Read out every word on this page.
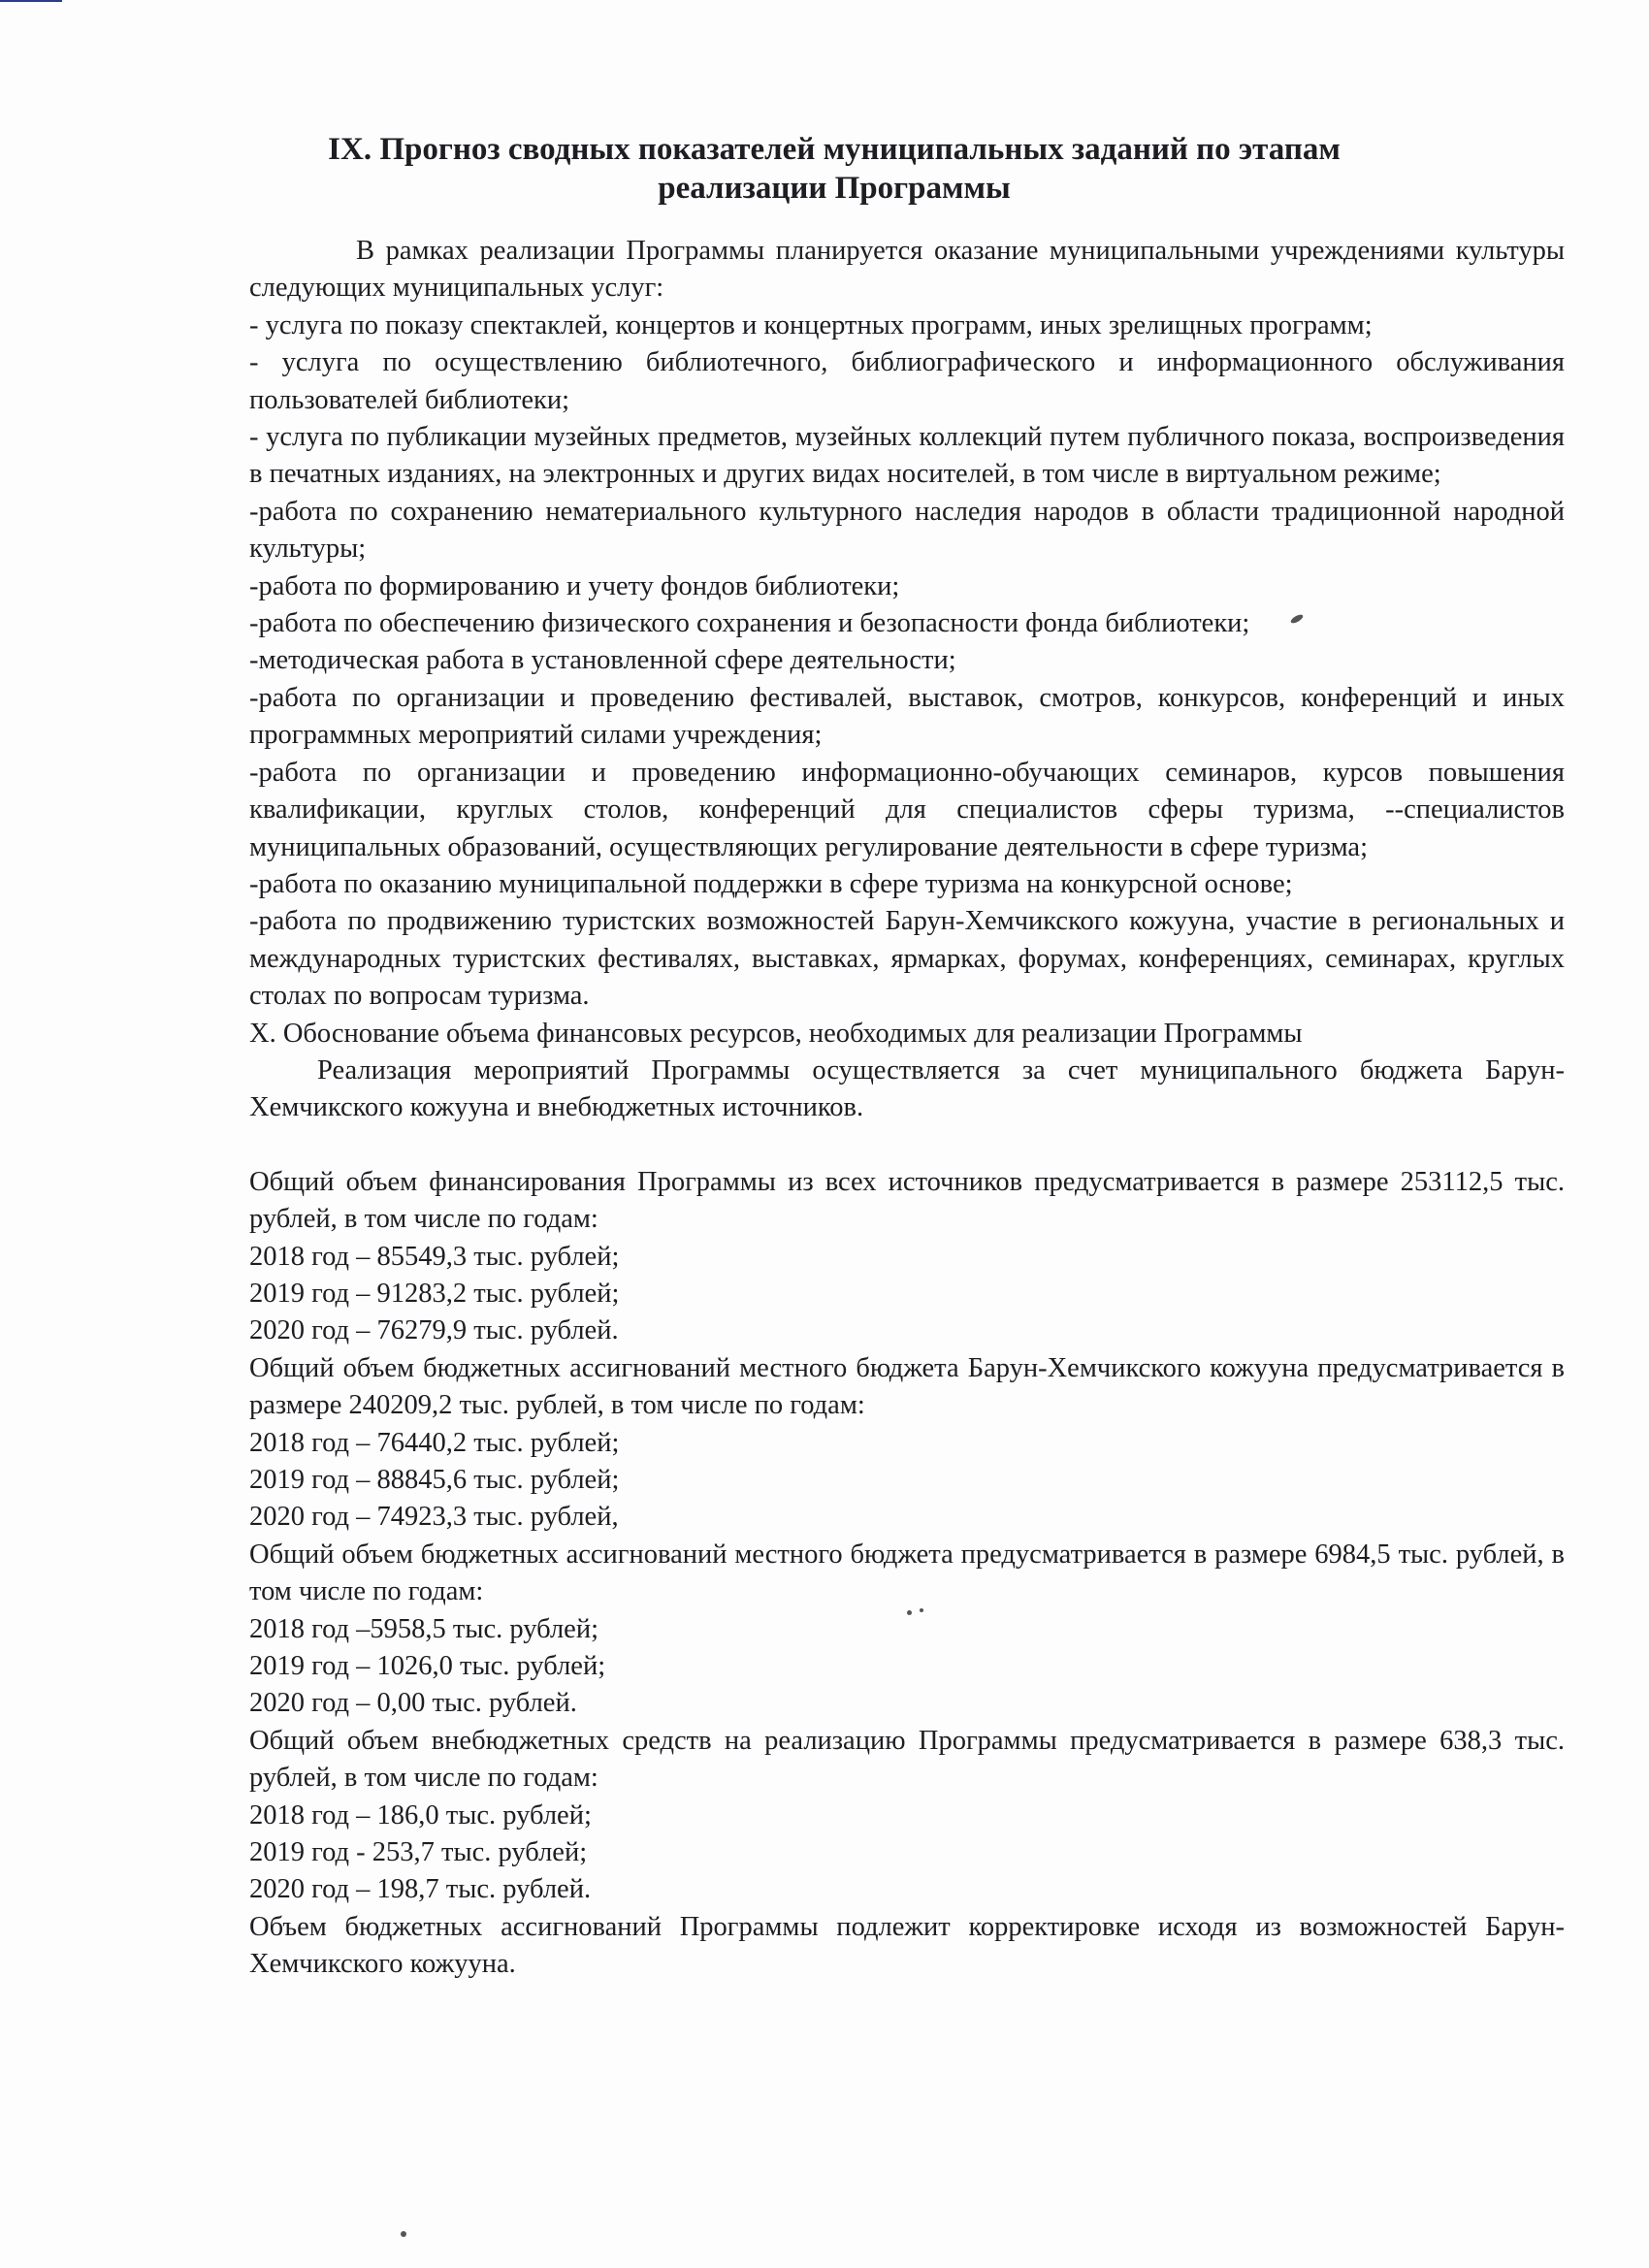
IX. Прогноз сводных показателей муниципальных заданий по этапам
реализации Программы

В рамках реализации Программы планируется оказание муниципальными учреждениями культуры следующих муниципальных услуг:

- услуга по показу спектаклей, концертов и концертных программ, иных зрелищных программ;

- услуга по осуществлению библиотечного, библиографического и информационного обслуживания пользователей библиотеки;

- услуга по публикации музейных предметов, музейных коллекций путем публичного показа, воспроизведения в печатных изданиях, на электронных и других видах носителей, в том числе в виртуальном режиме;

-работа по сохранению нематериального культурного наследия народов в области традиционной народной культуры;

-работа по формированию и учету фондов библиотеки;

-работа по обеспечению физического сохранения и безопасности фонда библиотеки;

-методическая работа в установленной сфере деятельности;

-работа по организации и проведению фестивалей, выставок, смотров, конкурсов, конференций и иных программных мероприятий силами учреждения;

-работа по организации и проведению информационно-обучающих семинаров, курсов повышения квалификации, круглых столов, конференций для специалистов сферы туризма, --специалистов муниципальных образований, осуществляющих регулирование деятельности в сфере туризма;

-работа по оказанию муниципальной поддержки в сфере туризма на конкурсной основе;

-работа по продвижению туристских возможностей Барун-Хемчикского кожууна, участие в региональных и международных туристских фестивалях, выставках, ярмарках, форумах, конференциях, семинарах, круглых столах по вопросам туризма.

X. Обоснование объема финансовых ресурсов, необходимых для реализации Программы

Реализация мероприятий Программы осуществляется за счет муниципального бюджета Барун-Хемчикского кожууна и внебюджетных источников.

Общий объем финансирования Программы из всех источников предусматривается в размере 253112,5 тыс. рублей, в том числе по годам:

2018 год – 85549,3 тыс. рублей;

2019 год – 91283,2 тыс. рублей;

2020 год – 76279,9 тыс. рублей.

Общий объем бюджетных ассигнований местного бюджета Барун-Хемчикского кожууна предусматривается в размере 240209,2 тыс. рублей, в том числе по годам:

2018 год – 76440,2 тыс. рублей;

2019 год – 88845,6 тыс. рублей;

2020 год – 74923,3 тыс. рублей,

Общий объем бюджетных ассигнований местного бюджета предусматривается в размере 6984,5 тыс. рублей, в том числе по годам:

2018 год –5958,5 тыс. рублей;

2019 год – 1026,0 тыс. рублей;

2020 год – 0,00 тыс. рублей.

Общий объем внебюджетных средств на реализацию Программы предусматривается в размере 638,3 тыс. рублей, в том числе по годам:

2018 год – 186,0 тыс. рублей;

2019 год - 253,7 тыс. рублей;

2020 год – 198,7 тыс. рублей.

Объем бюджетных ассигнований Программы подлежит корректировке исходя из возможностей Барун-Хемчикского кожууна.
